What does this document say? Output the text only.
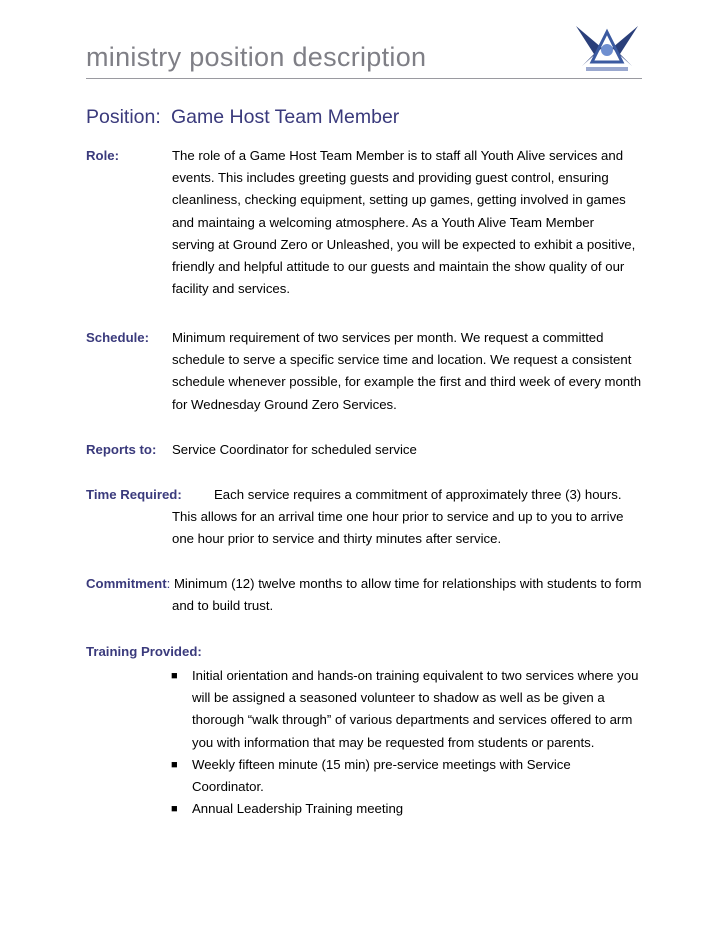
ministry position description
Position: Game Host Team Member
Role:	The role of a Game Host Team Member is to staff all Youth Alive services and
events. This includes greeting guests and providing guest control, ensuring
cleanliness, checking equipment, setting up games, getting involved in games
and maintaing a welcoming atmosphere. As a Youth Alive Team Member
serving at Ground Zero or Unleashed, you will be expected to exhibit a positive,
friendly and helpful attitude to our guests and maintain the show quality of our
facility and services.
Schedule: Minimum requirement of two services per month. We request a committed
schedule to serve a specific service time and location. We request a consistent
schedule whenever possible, for example the first and third week of every month
for Wednesday Ground Zero Services.
Reports to: Service Coordinator for scheduled service
Time Required: Each service requires a commitment of approximately three (3) hours.
This allows for an arrival time one hour prior to service and up to you to arrive
one hour prior to service and thirty minutes after service.
Commitment: Minimum (12) twelve months to allow time for relationships with students to form
and to build trust.
Training Provided:
■ Initial orientation and hands-on training equivalent to two services where you
will be assigned a seasoned volunteer to shadow as well as be given a
thorough “walk through” of various departments and services offered to arm
you with information that may be requested from students or parents.
■ Weekly fifteen minute (15 min) pre-service meetings with Service
Coordinator.
■ Annual Leadership Training meeting
